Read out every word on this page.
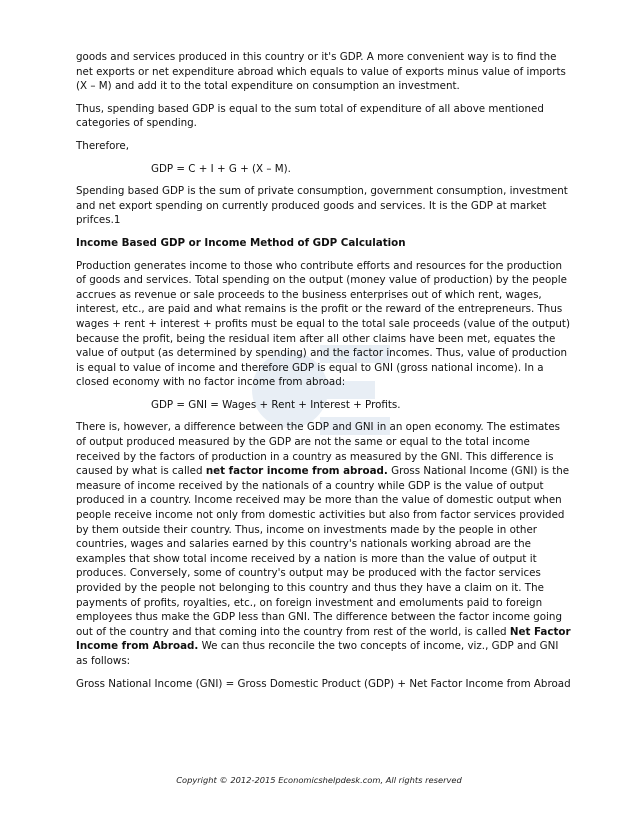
goods and services produced in this country or it's GDP. A more convenient way is to find the net exports or net expenditure abroad which equals to value of exports minus value of imports (X – M) and add it to the total expenditure on consumption an investment.

Thus, spending based GDP is equal to the sum total of expenditure of all above mentioned categories of spending.

Therefore,

GDP = C + I + G + (X – M).

Spending based GDP is the sum of private consumption, government consumption, investment and net export spending on currently produced goods and services. It is the GDP at market prifces.1

Income Based GDP or Income Method of GDP Calculation

Production generates income to those who contribute efforts and resources for the production of goods and services. Total spending on the output (money value of production) by the people accrues as revenue or sale proceeds to the business enterprises out of which rent, wages, interest, etc., are paid and what remains is the profit or the reward of the entrepreneurs. Thus wages + rent + interest + profits must be equal to the total sale proceeds (value of the output) because the profit, being the residual item after all other claims have been met, equates the value of output (as determined by spending) and the factor incomes. Thus, value of production is equal to value of income and therefore GDP is equal to GNI (gross national income). In a closed economy with no factor income from abroad:

GDP = GNI = Wages + Rent + Interest + Profits.

There is, however, a difference between the GDP and GNI in an open economy. The estimates of output produced measured by the GDP are not the same or equal to the total income received by the factors of production in a country as measured by the GNI. This difference is caused by what is called net factor income from abroad. Gross National Income (GNI) is the measure of income received by the nationals of a country while GDP is the value of output produced in a country. Income received may be more than the value of domestic output when people receive income not only from domestic activities but also from factor services provided by them outside their country. Thus, income on investments made by the people in other countries, wages and salaries earned by this country's nationals working abroad are the examples that show total income received by a nation is more than the value of output it produces. Conversely, some of country's output may be produced with the factor services provided by the people not belonging to this country and thus they have a claim on it. The payments of profits, royalties, etc., on foreign investment and emoluments paid to foreign employees thus make the GDP less than GNI. The difference between the factor income going out of the country and that coming into the country from rest of the world, is called Net Factor Income from Abroad. We can thus reconcile the two concepts of income, viz., GDP and GNI as follows:

Gross National Income (GNI) = Gross Domestic Product (GDP) + Net Factor Income from Abroad

Copyright © 2012-2015 Economicshelpdesk.com, All rights reserved
